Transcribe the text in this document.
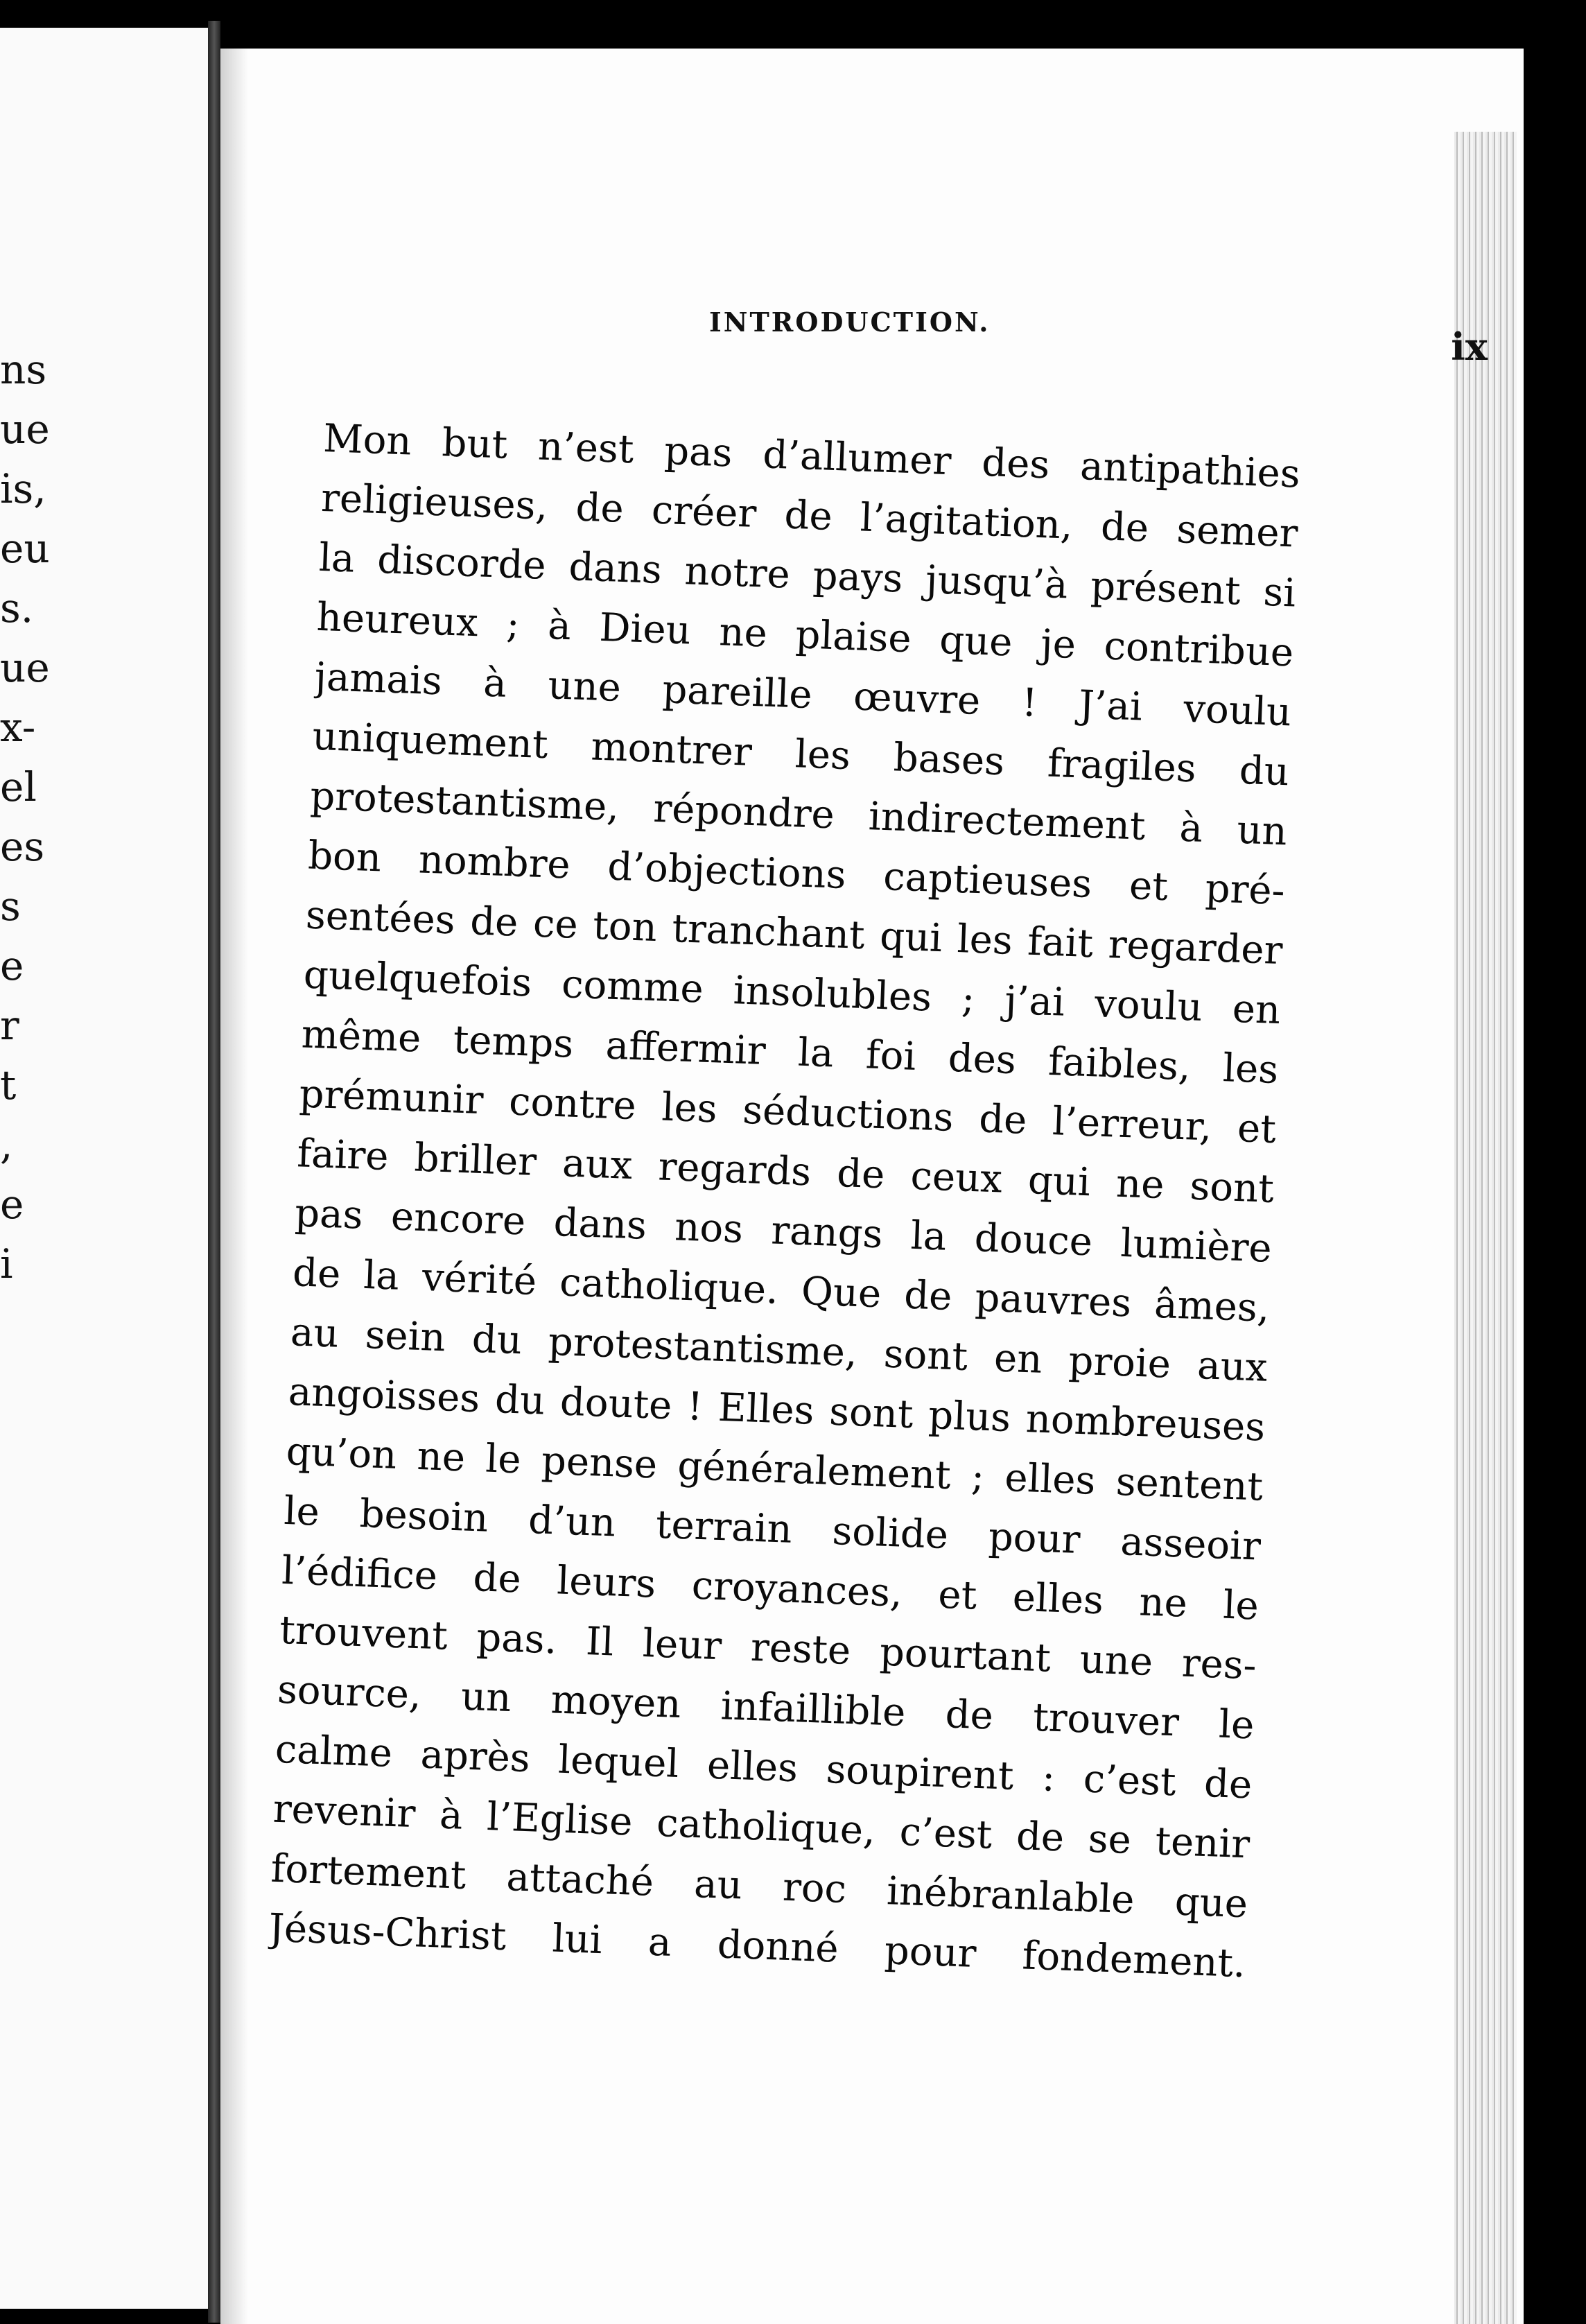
ns
ue
is,
eu
s.
ue
x-
el
es
s
e
r
t
,
e
i
INTRODUCTION.
ix
Mon but n’est pas d’allumer des antipathies
religieuses, de créer de l’agitation, de semer
la discorde dans notre pays jusqu’à présent si
heureux ; à Dieu ne plaise que je contribue
jamais à une pareille œuvre ! J’ai voulu
uniquement montrer les bases fragiles du
protestantisme, répondre indirectement à un
bon nombre d’objections captieuses et pré-
sentées de ce ton tranchant qui les fait regarder
quelquefois comme insolubles ; j’ai voulu en
même temps affermir la foi des faibles, les
prémunir contre les séductions de l’erreur, et
faire briller aux regards de ceux qui ne sont
pas encore dans nos rangs la douce lumière
de la vérité catholique. Que de pauvres âmes,
au sein du protestantisme, sont en proie aux
angoisses du doute ! Elles sont plus nombreuses
qu’on ne le pense généralement ; elles sentent
le besoin d’un terrain solide pour asseoir
l’édifice de leurs croyances, et elles ne le
trouvent pas. Il leur reste pourtant une res-
source, un moyen infaillible de trouver le
calme après lequel elles soupirent : c’est de
revenir à l’Eglise catholique, c’est de se tenir
fortement attaché au roc inébranlable que
Jésus-Christ lui a donné pour fondement.
